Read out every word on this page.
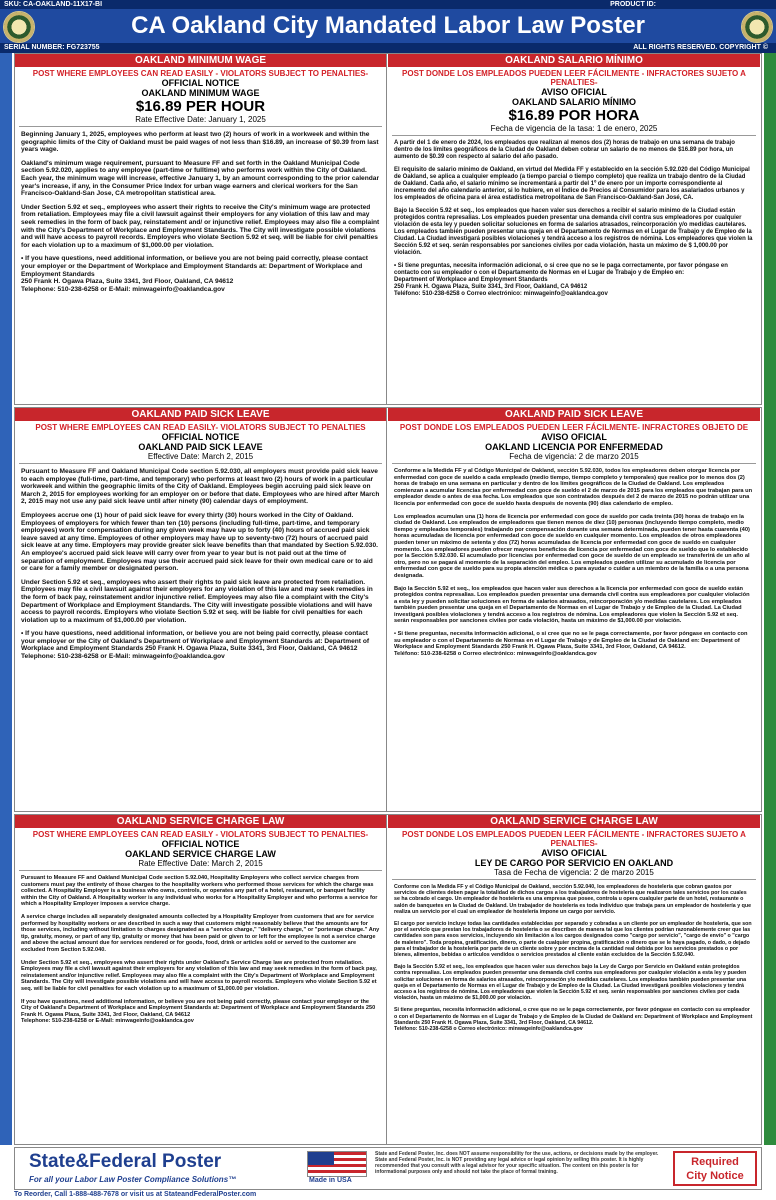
SKU: CA-OAKLAND-11X17-BI	PRODUCT ID:
CA Oakland City Mandated Labor Law Poster
SERIAL NUMBER: FG723755	ALL RIGHTS RESERVED. COPYRIGHT ©
OAKLAND MINIMUM WAGE
POST WHERE EMPLOYEES CAN READ EASILY - VIOLATORS SUBJECT TO PENALTIES-
OFFICIAL NOTICE
OAKLAND MINIMUM WAGE
$16.89 PER HOUR
Rate Effective Date: January 1, 2025

Beginning January 1, 2025, employees who perform at least two (2) hours of work in a workweek and within the geographic limits of the City of Oakland must be paid wages of not less than $16.89, an increase of $0.39 from last years wage.

Oakland's minimum wage requirement, pursuant to Measure FF and set forth in the Oakland Municipal Code section 5.92.020, applies to any employee (part-time or fulltime) who performs work within the City of Oakland. Each year, the minimum wage will increase, effective January 1, by an amount corresponding to the prior calendar year's increase, if any, in the Consumer Price Index for urban wage earners and clerical workers for the San Francisco-Oakland-San Jose, CA metropolitan statistical area.

Under Section 5.92 et seq., employees who assert their rights to receive the City's minimum wage are protected from retaliation. Employees may file a civil lawsuit against their employers for any violation of this law and may seek remedies in the form of back pay, reinstatement and/ or injunctive relief. Employees may also file a complaint with the City's Department of Workplace and Employment Standards. The City will investigate possible violations and will have access to payroll records. Employers who violate Section 5.92 et seq. will be liable for civil penalties for each violation up to a maximum of $1,000.00 per violation.

• If you have questions, need additional information, or believe you are not being paid correctly, please contact your employer or the Department of Workplace and Employment Standards at: Department of Workplace and Employment Standards

250 Frank H. Ogawa Plaza, Suite 3341, 3rd Floor, Oakland, CA 94612

Telephone: 510-238-6258 or E-Mail: minwageinfo@oaklandca.gov

OAKLAND SALARIO MÍNIMO
POST DONDE LOS EMPLEADOS PUEDEN LEER FÁCILMENTE - INFRACTORES SUJETO A PENALTIES-
AVISO OFICIAL
OAKLAND SALARIO MÍNIMO
$16.89 POR HORA
Fecha de vigencia de la tasa: 1 de enero, 2025

A partir del 1 de enero de 2024, los empleados que realizan al menos dos (2) horas de trabajo en una semana de trabajo dentro de los límites geográficos de la Ciudad de Oakland deben cobrar un salario de no menos de $16.89 por hora, un aumento de $0.39 con respecto al salario del año pasado.

El requisito de salario mínimo de Oakland, en virtud del Medida FF y establecido en la sección 5.92.020 del Código Municipal de Oakland, se aplica a cualquier empleado (a tiempo parcial o tiempo completo) que realiza un trabajo dentro de la Ciudad de Oakland. Cada año, el salario mínimo se incrementará a partir del 1º de enero por un importe correspondiente al incremento del año calendario anterior, si lo hubiere, en el Índice de Precios al Consumidor para los asalariados urbanos y los empleados de oficina para el área estadística metropolitana de San Francisco-Oakland-San José, CA.

Bajo la Sección 5.92 et seq., los empleados que hacen valer sus derechos a recibir el salario mínimo de la Ciudad están protegidos contra represalias. Los empleados pueden presentar una demanda civil contra sus empleadores por cualquier violación de esta ley y pueden solicitar soluciones en forma de salarios atrasados, reincorporación y/o medidas cautelares. Los empleados también pueden presentar una queja en el Departamento de Normas en el Lugar de Trabajo y de Empleo de la Ciudad. La Ciudad investigará posibles violaciones y tendrá acceso a los registros de nómina. Los empleadores que violen la Sección 5.92 et seq. serán responsables por sanciones civiles por cada violación, hasta un máximo de $ 1,000.00 por violación.

• Si tiene preguntas, necesita información adicional, o si cree que no se le paga correctamente, por favor póngase en contacto con su empleador o con el Departamento de Normas en el Lugar de Trabajo y de Empleo en:

Department of Workplace and Employment Standards

250 Frank H. Ogawa Plaza, Suite 3341, 3rd Floor, Oakland, CA 94612

Teléfono: 510-238-6258 o Correo electrónico: minwageinfo@oaklandca.gov

OAKLAND PAID SICK LEAVE
POST WHERE EMPLOYEES CAN READ EASILY- VIOLATORS SUBJECT TO PENALTIES
OFFICIAL NOTICE
OAKLAND PAID SICK LEAVE
Effective Date: March 2, 2015

Pursuant to Measure FF and Oakland Municipal Code section 5.92.030, all employers must provide paid sick leave to each employee (full-time, part-time, and temporary) who performs at least two (2) hours of work in a particular workweek and within the geographic limits of the City of Oakland. Employees begin accruing paid sick leave on March 2, 2015 for employees working for an employer on or before that date. Employees who are hired after March 2, 2015 may not use any paid sick leave until after ninety (90) calendar days of employment.

Employees accrue one (1) hour of paid sick leave for every thirty (30) hours worked in the City of Oakland. Employees of employers for which fewer than ten (10) persons (including full-time, part-time, and temporary employees) work for compensation during any given week may have up to forty (40) hours of accrued paid sick leave saved at any time. Employees of other employers may have up to seventy-two (72) hours of accrued paid sick leave at any time. Employers may provide greater sick leave benefits than that mandated by Section 5.92.030. An employee's accrued paid sick leave will carry over from year to year but is not paid out at the time of separation of employment. Employees may use their accrued paid sick leave for their own medical care or to aid or care for a family member or designated person.

Under Section 5.92 et seq., employees who assert their rights to paid sick leave are protected from retaliation. Employees may file a civil lawsuit against their employers for any violation of this law and may seek remedies in the form of back pay, reinstatement and/or injunctive relief. Employees may also file a complaint with the City's Department of Workplace and Employment Standards. The City will investigate possible violations and will have access to payroll records. Employers who violate Section 5.92 et seq. will be liable for civil penalties for each violation up to a maximum of $1,000.00 per violation.

• If you have questions, need additional information, or believe you are not being paid correctly, please contact your employer or the City of Oakland's Department of Workplace and Employment Standards at: Department of Workplace and Employment Standards 250 Frank H. Ogawa Plaza, Suite 3341, 3rd Floor, Oakland, CA 94612

Telephone: 510-238-6258 or E-Mail: minwageinfo@oaklandca.gov

OAKLAND PAID SICK LEAVE
POST DONDE LOS EMPLEADOS PUEDEN LEER FÁCILMENTE- INFRACTORES OBJETO DE
AVISO OFICIAL
OAKLAND LICENCIA POR ENFERMEDAD
Fecha de vigencia: 2 de marzo 2015

Conforme a la Medida FF y al Código Municipal de Oakland, sección 5.92.030, todos los empleadores deben otorgar licencia por enfermedad con goce de sueldo a cada empleado (medio tiempo, tiempo completo y temporales) que realice por lo menos dos (2) horas de trabajo en una semana en particular y dentro de los límites geográficos de la Ciudad de Oakland. Los empleados comienzan a acumular licencias por enfermedad con goce de sueldo el 2 de marzo de 2015 para los empleados que trabajan para un empleador desde o antes de esa fecha. Los empleados que son contratados después del 2 de marzo de 2015 no podrán utilizar una licencia por enfermedad con goce de sueldo hasta después de noventa (90) días calendario de empleo.

Los empleados acumulan una (1) hora de licencia por enfermedad con goce de sueldo por cada treinta (30) horas de trabajo en la ciudad de Oakland. Los empleados de empleadores que tienen menos de diez (10) personas (incluyendo tiempo completo, medio tiempo y empleados temporales) trabajando por compensación durante una semana determinada, pueden tener hasta cuarenta (40) horas acumuladas de licencia por enfermedad con goce de sueldo en cualquier momento. Los empleados de otros empleadores pueden tener un máximo de setenta y dos (72) horas acumuladas de licencia por enfermedad con goce de sueldo en cualquier momento. Los empleadores pueden ofrecer mayores beneficios de licencia por enfermedad con goce de sueldo que lo establecido por la Sección 5.92.030. El acumulado por licencias por enfermedad con goce de sueldo de un empleado se transferirá de un año al otro, pero no se pagará al momento de la separación del empleo. Los empleados pueden utilizar su acumulado de licencia por enfermedad con goce de sueldo para su propia atención médica o para ayudar o cuidar a un miembro de la familia o a una persona designada.

Bajo la Sección 5.92 et seq., los empleados que hacen valer sus derechos a la licencia por enfermedad con goce de sueldo están protegidos contra represalias. Los empleados pueden presentar una demanda civil contra sus empleadores por cualquier violación a esta ley y pueden solicitar soluciones en forma de salarios atrasados, reincorporación y/o medidas cautelares. Los empleados también pueden presentar una queja en el Departamento de Normas en el Lugar de Trabajo y de Empleo de la Ciudad. La Ciudad investigará posibles violaciones y tendrá acceso a los registros de nómina. Los empleadores que violen la Sección 5.92 et seq. serán responsables por sanciones civiles por cada violación, hasta un máximo de $1,000.00 por violación.

• Si tiene preguntas, necesita información adicional, o si cree que no se le paga correctamente, por favor póngase en contacto con su empleador o con el Departamento de Normas en el Lugar de Trabajo y de Empleo de la Ciudad de Oakland en: Department of Workplace and Employment Standards 250 Frank H. Ogawa Plaza, Suite 3341, 3rd Floor, Oakland, CA 94612.

Teléfono: 510-238-6258 o Correo electrónico: minwageinfo@oaklandca.gov

OAKLAND SERVICE CHARGE LAW
POST WHERE EMPLOYEES CAN READ EASILY - VIOLATORS SUBJECT TO PENALTIES-
OFFICIAL NOTICE
OAKLAND SERVICE CHARGE LAW
Rate Effective Date: March 2, 2015

Pursuant to Measure FF and Oakland Municipal Code section 5.92.040, Hospitality Employers who collect service charges from customers must pay the entirety of those charges to the hospitality workers who performed those services for which the charge was collected. A Hospitality Employer is a business who owns, controls, or operates any part of a hotel, restaurant, or banquet facility within the City of Oakland. A Hospitality worker is any individual who works for a Hospitality Employer and who performs a service for which a Hospitality Employer imposes a service charge.

A service charge includes all separately designated amounts collected by a Hospitality Employer from customers that are for service performed by hospitality workers or are described in such a way that customers might reasonably believe that the amounts are for those services, including without limitation to charges designated as a "service charge," "delivery charge," or "porterage charge." Any tip, gratuity, money, or part of any tip, gratuity or money that has been paid or given to or left for the employee is not a service charge and above the actual amount due for services rendered or for goods, food, drink or articles sold or served to the customer are excluded from Section 5.92.040.

Under Section 5.92 et seq., employees who assert their rights under Oakland's Service Charge law are protected from retaliation. Employees may file a civil lawsuit against their employers for any violation of this law and may seek remedies in the form of back pay, reinstatement and/or injunctive relief. Employees may also file a complaint with the City's Department of Workplace and Employment Standards. The City will investigate possible violations and will have access to payroll records. Employers who violate Section 5.92 et seq. will be liable for civil penalties for each violation up to a maximum of $1,000.00 per violation.

If you have questions, need additional information, or believe you are not being paid correctly, please contact your employer or the City of Oakland's Department of Workplace and Employment Standards at: Department of Workplace and Employment Standards 250 Frank H. Ogawa Plaza, Suite 3341, 3rd Floor, Oakland, CA 94612

Telephone: 510-238-6258 or E-Mail: minwageinfo@oaklandca.gov

OAKLAND SERVICE CHARGE LAW
POST DONDE LOS EMPLEADOS PUEDEN LEER FÁCILMENTE - INFRACTORES SUJETO A PENALTIES-
AVISO OFICIAL
LEY DE CARGO POR SERVICIO EN OAKLAND
Tasa de Fecha de vigencia: 2 de marzo 2015

Conforme con la Medida FF y el Código Municipal de Oakland, sección 5.92.040, los empleadores de hostelería que cobran gastos por servicios de clientes deben pagar la totalidad de dichos cargos a los trabajadores de hostelería que realizaron tales servicios por los cuales se ha cobrado el cargo. Un empleador de hostelería es una empresa que posee, controla u opera cualquier parte de un hotel, restaurante o salón de banquetes en la Ciudad de Oakland. Un trabajador de hostelería es toda individuo que trabaja para un empleador de hostelería y que realiza un servicio por el cual un empleador de hostelería impone un cargo por servicio.

El cargo por servicio incluye todas las cantidades establecidas por separado y cobradas a un cliente por un empleador de hostelería, que son por el servicio que prestan los trabajadores de hostelería o se describen de manera tal que los clientes podrían razonablemente creer que las cantidades son para esos servicios, incluyendo sin limitación a los cargos designados como "cargo por servicio", "cargo de envío" o "cargo de maletero". Toda propina, gratificación, dinero, o parte de cualquier propina, gratificación o dinero que se le haya pagado, o dado, o dejado para el trabajador de la hostelería por parte de un cliente sobre y por encima de la cantidad real debida por los servicios prestados o por bienes, alimentos, bebidas o artículos vendidos o servicios prestados al cliente están excluidos de la Sección 5.92.040.

Bajo la Sección 5.92 et seq., los empleados que hacen valer sus derechos bajo la Ley de Cargo por Servicio en Oakland están protegidos contra represalias. Los empleados pueden presentar una demanda civil contra sus empleadores por cualquier violación a esta ley y pueden solicitar soluciones en forma de salarios atrasados, reincorporación y/o medidas cautelares. Los empleados también pueden presentar una queja en el Departamento de Normas en el Lugar de Trabajo y de Empleo de la Ciudad. La Ciudad investigará posibles violaciones y tendrá acceso a los registros de nómina. Los empleadores que violen la Sección 5.92 et seq. serán responsables por sanciones civiles por cada violación, hasta un máximo de $1,000.00 por violación.

Si tiene preguntas, necesita información adicional, o cree que no se le paga correctamente, por favor póngase en contacto con su empleador o con el Departamento de Normas en el Lugar de Trabajo y de Empleo de la Ciudad de Oakland en: Department of Workplace and Employment Standards 250 Frank H. Ogawa Plaza, Suite 3341, 3rd Floor, Oakland, CA 94612.

Teléfono: 510-238-6258 o Correo electrónico: minwageinfo@oaklandca.gov

State&Federal Poster
For all your Labor Law Poster Compliance Solutions™	Made in USA
State and Federal Poster, Inc. does NOT assume responsibility for the use, actions, or decisions made by the employer. State and Federal Poster, Inc. is NOT providing any legal advice or legal opinion by selling this poster. It is highly recommended that you consult with a legal advisor for your specific situation. The content on this poster is for informational purposes only and should not take the place of formal training.
Required
City Notice
To Reorder, Call 1-888-488-7678 or visit us at StateandFederalPoster.com
